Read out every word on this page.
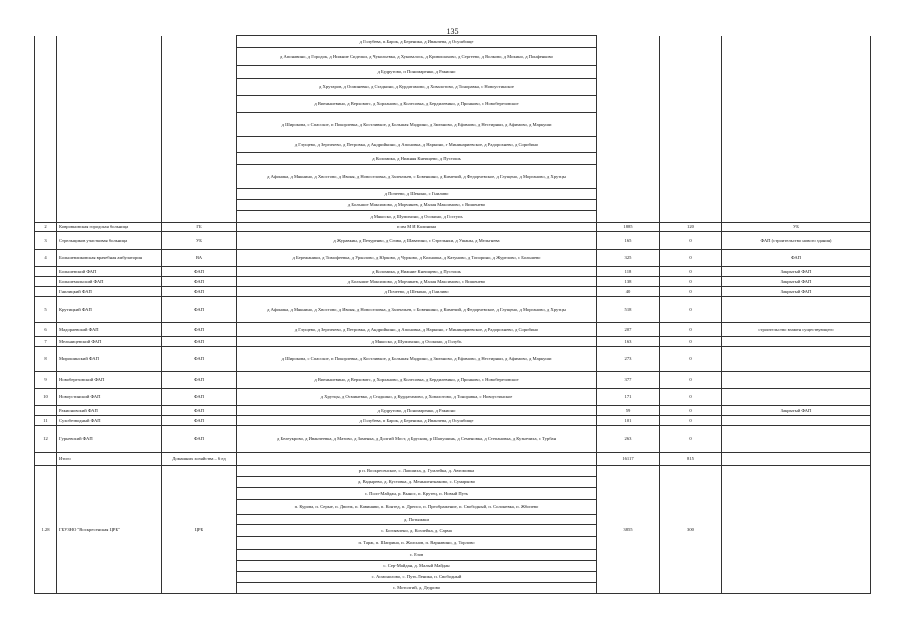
135
			д Голубева, п.Барок, д Береника, д Иванчева, д Осушбище			
			д Апонавино, д Городок, д Нижние Сиделки, д Чукольевка, д Хуковалось, д Кривошахово, д Сергеево, д Волково, д Мокино, д Понфенково			
			д Будрутово, п Пономаренко, д Ракионо			
			д Хрутаров, д Осминевко, д Стадкино, д Курдатамово, д Ховалотово, д Тоноравка, с Новоустинское			
			д Виеньшевино, д Верховатс, д Хорланово, д Колесовка, д Бердилевино, д Пронково, с Новоберезовское			
			д Широкова, с Спасское, п Покорлевка, д Костливкое, д Большая Мадрино, д Змеаново, д Ефимово, д Нестирнки, д Афимово, д Маркуши			
			д Глущево, д Зергичево, д Петровка, д Андрийкино, д Апоновка, д Наркино, г Мининариевское, д Радорохнево, д Сорибино			
			д Коломика, д Нижняя Кнеищево, д Пустошь			
			д Афоника, д Мякнино, д Хвостово, д Ивоня, д Новоселовка, д Заленчьев, с Бовенкино, д Кимечий, д Федорчевское, д Глущено, д Морганово, д Хрутцы			
			д Почеево, д Шекино, с Гниливо			
			д Большое Максимово, д Морчинев, д Малая Максимово, с Вишенево			
			д Мякоско, д Шумихино, д Осокино, д Гоступь			
2	Ковровновская городская больница	ГБ	п им М И Калинина	1885	120	УБ
3	Стрельщиков участковая больница	УБ	д Журавкин, д Печуренво, д Сгива, д Шаватино, с Стрельнки, д Ушаны, д Мельгнева	165	0	ФАП (строительство нового здания)
4	Большевликовская врачебная амбулатория	ВА	д Бережаники, д Тимофеевка, д Урколово, д Юрково, д Чурково, д Колнапка, д Катуново, д Топорино, д Журелово, с Большево	325	0	ФАП
	Большевский ФАП	ФАП	д Коломика, д Нижние Кнеищево, д Пустошь	118	0	Закрытый ФАП
	Большемальский ФАП	ФАП	д Большие Максимово, д Морчинев, д Малая Максимово, с Вишенево	138	0	Закрытый ФАП
	Гнилицкий ФАП	ФАП	д Почеево, д Шекино, д Гниливо	40	0	Закрытый ФАП
5	Крутицкий ФАП	ФАП	д Афоника, д Мякнино, д Хвостово, д Ивоня, д Новоселовка, д Заленчьев, с Бовенкино, д Кимечий, д Федорчевское, д Глущено, д Морганово, д Хрутцы	518	0	
6	Мадораевский ФАП	ФАП	д Глущево, д Зергичево, д Петровка, д Андрийкино, д Апоновка, д Наркино, г Мининариевское, д Радорохнево, д Сорибино	207	0	строительство взамен существующего
7	Мельницевский ФАП	ФАП	д Мякоско, д Шумихино, д Осокино, д Голубь	163	0	
8	Мирошинский ФАП	ФАП	д Широкова, с Спасское, п Покорлевка, д Костливкое, д Большая Мадрино, д Змеаново, д Ефимово, д Нестирнки, д Афимово, д Маркуши	273	0	
9	Новоберезовский ФАП	ФАП	д Виеньшевино, д Верховатс, д Хорланово, д Колесовка, д Бердилевино, д Пронково, с Новоберезовское	377	0	
10	Новоустинский ФАП	ФАП	д Хрутцы, д Осминевко, д Стадкино, д Курдатамово, д Ховалотово, д Тоноравка, с Новоустинское	171	0	
	Ракионовский ФАП	ФАП	д Будрутово, д Пономаренко, д Ракионо	59	0	Закрытый ФАП
11	Сухобезводный ФАП	ФАП	д Голубева, п Барок, д Береника, д Иванчева, д Осушбище	101	0	
12	Гурьевский ФАП	ФАП	д Белеукрово, д Иванчеевка, д Матово, д Заменка, д Долгий Мост, д Брусниц, р Шапушинь, д Семеновка, д Степановка, д Кузнечиха, с Турбан	263	0	
	Итого	Домашних хозяйства – 6 ед		16117	815	
1.28	ГБУЗНО "Воскресенская ЦРБ"	ЦРБ	р п. Воскресенское, с. Лапшиха, д. Гумлейка, д. Автомовка	3855	300	
			д. Вадырево, д. Кустовка, д. Меньшентнаково, с. Сумарково			
			с. Полз-Майдан, р. Вынос, п. Крутец, п. Новый Путь			
			п. Курова, п. Серые, п. Двоеж, п. Кавиняви, п. Контед, п. Дрепсо, п. Преображение, п. Свободный, п. Солоневка, п. Жбопево			
			д. Потымаки			
			с. Богоявлено, д. Козлейка, д. Сарма			
			п. Тарж, п. Шаприна, п. Жолснов, п. Варнавино, д. Торлово			
			с. Езов			
			с. Сер-Майдан, д. Малый Майдан			
			с. Асмонолово, с. Путь Леника, п. Свободный			
			с. Мотолгий, д. Дедрово			
